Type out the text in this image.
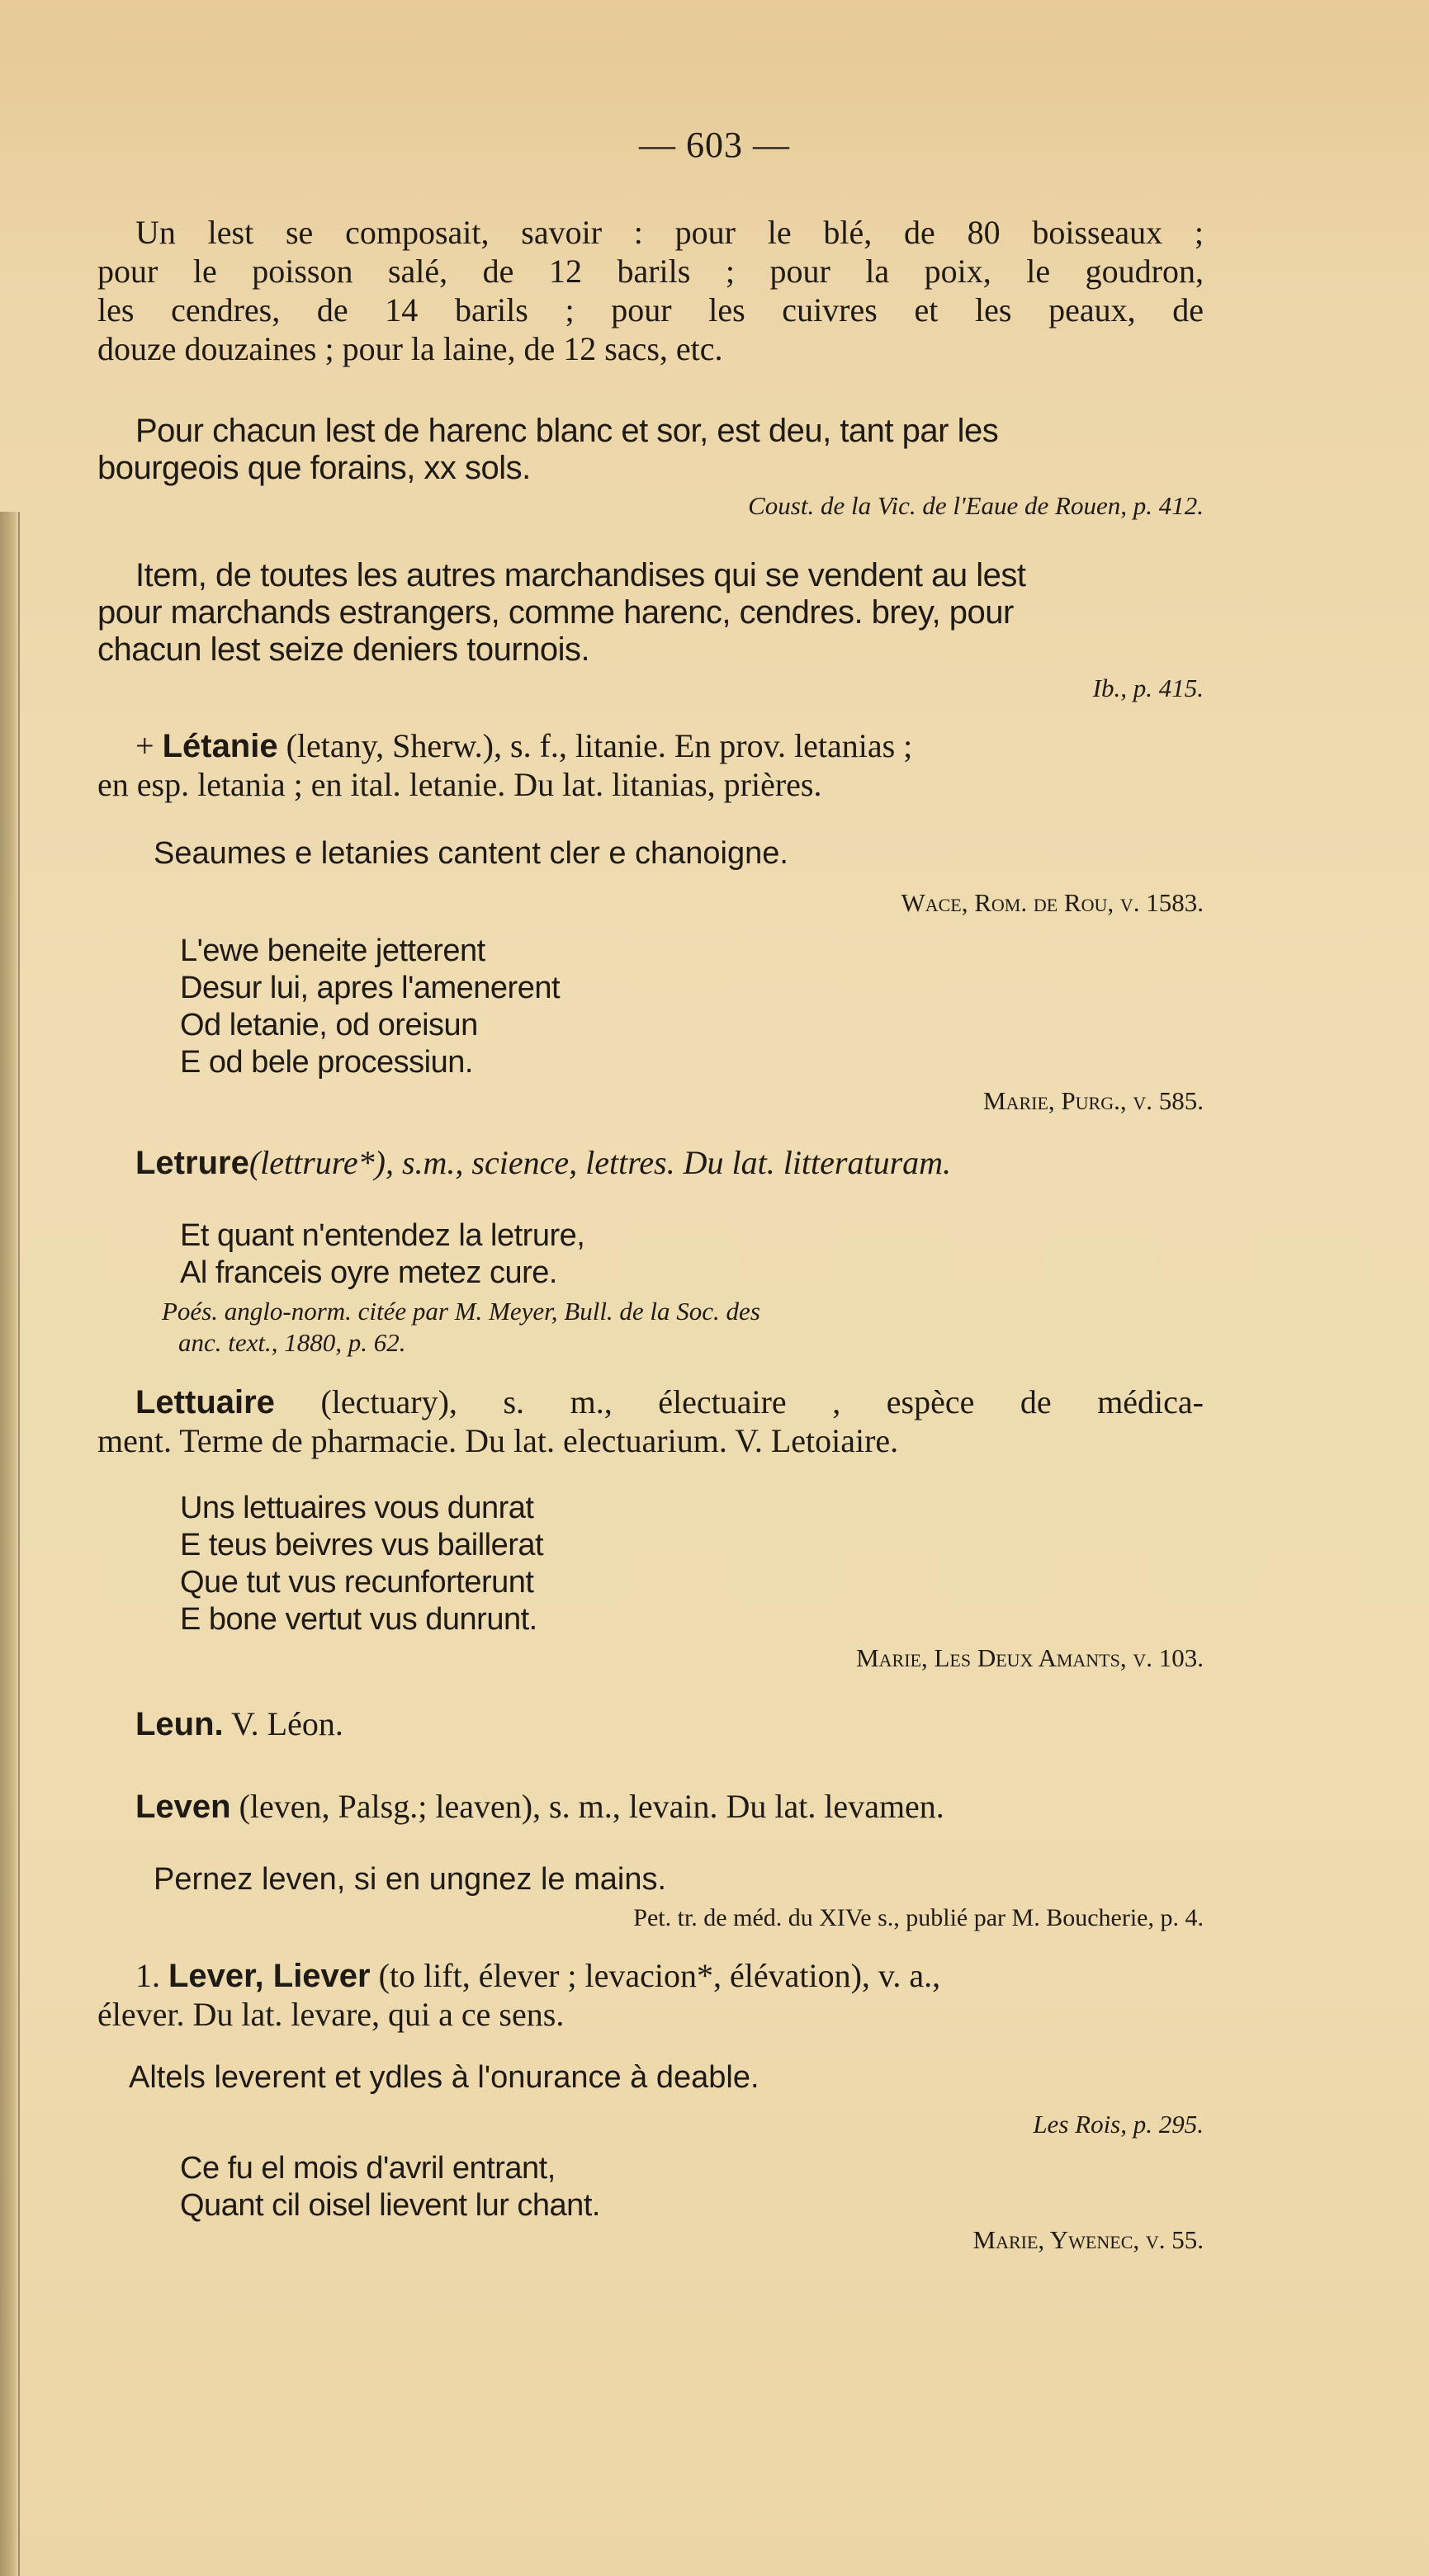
— 603 —
Un lest se composait, savoir : pour le blé, de 80 boisseaux ;
pour le poisson salé, de 12 barils ; pour la poix, le goudron,
les cendres, de 14 barils ; pour les cuivres et les peaux, de
douze douzaines ; pour la laine, de 12 sacs, etc.
Pour chacun lest de harenc blanc et sor, est deu, tant par les
bourgeois que forains, xx sols.
Coust. de la Vic. de l'Eaue de Rouen, p. 412.
Item, de toutes les autres marchandises qui se vendent au lest
pour marchands estrangers, comme harenc, cendres. brey, pour
chacun lest seize deniers tournois.
Ib., p. 415.
+ Létanie (letany, Sherw.), s. f., litanie. En prov. letanias ;
en esp. letania ; en ital. letanie. Du lat. litanias, prières.
Seaumes e letanies cantent cler e chanoigne.
Wace, Rom. de Rou, v. 1583.
L'ewe beneite jetterent
Desur lui, apres l'amenerent
Od letanie, od oreisun
E od bele processiun.
Marie, Purg., v. 585.
Letrure(lettrure*), s.m., science, lettres. Du lat. litteraturam.
Et quant n'entendez la letrure,
Al franceis oyre metez cure.
Poés. anglo-norm. citée par M. Meyer, Bull. de la Soc. des
anc. text., 1880, p. 62.
Lettuaire (lectuary), s. m., électuaire , espèce de médica-
ment. Terme de pharmacie. Du lat. electuarium. V. Letoiaire.
Uns lettuaires vous dunrat
E teus beivres vus baillerat
Que tut vus recunforterunt
E bone vertut vus dunrunt.
Marie, Les Deux Amants, v. 103.
Leun. V. Léon.
Leven (leven, Palsg.; leaven), s. m., levain. Du lat. levamen.
Pernez leven, si en ungnez le mains.
Pet. tr. de méd. du XIVe s., publié par M. Boucherie, p. 4.
1. Lever, Liever (to lift, élever ; levacion*, élévation), v. a.,
élever. Du lat. levare, qui a ce sens.
Altels leverent et ydles à l'onurance à deable.
Les Rois, p. 295.
Ce fu el mois d'avril entrant,
Quant cil oisel lievent lur chant.
Marie, Ywenec, v. 55.
